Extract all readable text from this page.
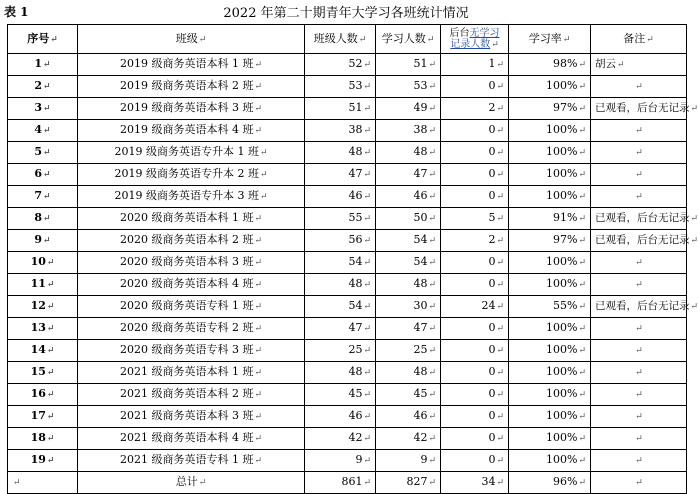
表 1	2022 年第二十期青年大学习各班统计情况
序号↵	班级↵	班级人数↵	学习人数↵	后台无学习
记录人数↵	学习率↵	备注↵
1↵	2019 级商务英语本科 1 班↵	52↵	51↵	1↵	98%↵	胡云↵
2↵	2019 级商务英语本科 2 班↵	53↵	53↵	0↵	100%↵	↵
3↵	2019 级商务英语本科 3 班↵	51↵	49↵	2↵	97%↵	已观看，后台无记录↵
4↵	2019 级商务英语本科 4 班↵	38↵	38↵	0↵	100%↵	↵
5↵	2019 级商务英语专升本 1 班↵	48↵	48↵	0↵	100%↵	↵
6↵	2019 级商务英语专升本 2 班↵	47↵	47↵	0↵	100%↵	↵
7↵	2019 级商务英语专升本 3 班↵	46↵	46↵	0↵	100%↵	↵
8↵	2020 级商务英语本科 1 班↵	55↵	50↵	5↵	91%↵	已观看，后台无记录↵
9↵	2020 级商务英语本科 2 班↵	56↵	54↵	2↵	97%↵	已观看，后台无记录↵
10↵	2020 级商务英语本科 3 班↵	54↵	54↵	0↵	100%↵	↵
11↵	2020 级商务英语本科 4 班↵	48↵	48↵	0↵	100%↵	↵
12↵	2020 级商务英语专科 1 班↵	54↵	30↵	24↵	55%↵	已观看，后台无记录↵
13↵	2020 级商务英语专科 2 班↵	47↵	47↵	0↵	100%↵	↵
14↵	2020 级商务英语专科 3 班↵	25↵	25↵	0↵	100%↵	↵
15↵	2021 级商务英语本科 1 班↵	48↵	48↵	0↵	100%↵	↵
16↵	2021 级商务英语本科 2 班↵	45↵	45↵	0↵	100%↵	↵
17↵	2021 级商务英语本科 3 班↵	46↵	46↵	0↵	100%↵	↵
18↵	2021 级商务英语本科 4 班↵	42↵	42↵	0↵	100%↵	↵
19↵	2021 级商务英语专科 1 班↵	9↵	9↵	0↵	100%↵	↵
↵	总计↵	861↵	827↵	34↵	96%↵	↵
